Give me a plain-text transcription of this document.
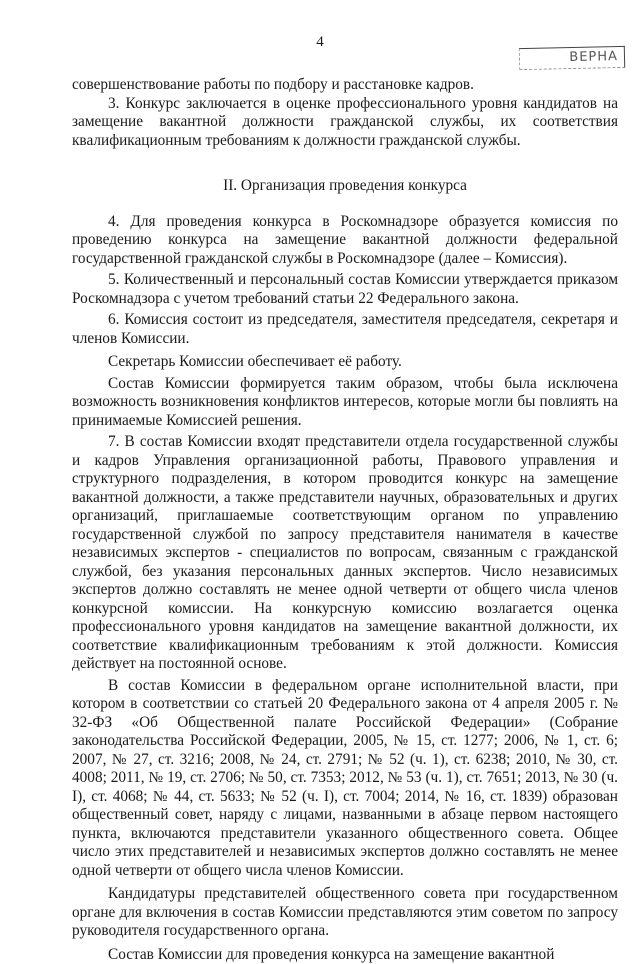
4
ВЕРНА

совершенствование работы по подбору и расстановке кадров.

3. Конкурс заключается в оценке профессионального уровня кандидатов на замещение вакантной должности гражданской службы, их соответствия квалификационным требованиям к должности гражданской службы.

II. Организация проведения конкурса

4. Для проведения конкурса в Роскомнадзоре образуется комиссия по проведению конкурса на замещение вакантной должности федеральной государственной гражданской службы в Роскомнадзоре (далее – Комиссия).

5. Количественный и персональный состав Комиссии утверждается приказом Роскомнадзора с учетом требований статьи 22 Федерального закона.

6. Комиссия состоит из председателя, заместителя председателя, секретаря и членов Комиссии.

Секретарь Комиссии обеспечивает её работу.

Состав Комиссии формируется таким образом, чтобы была исключена возможность возникновения конфликтов интересов, которые могли бы повлиять на принимаемые Комиссией решения.

7. В состав Комиссии входят представители отдела государственной службы и кадров Управления организационной работы, Правового управления и структурного подразделения, в котором проводится конкурс на замещение вакантной должности, а также представители научных, образовательных и других организаций, приглашаемые соответствующим органом по управлению государственной службой по запросу представителя нанимателя в качестве независимых экспертов - специалистов по вопросам, связанным с гражданской службой, без указания персональных данных экспертов. Число независимых экспертов должно составлять не менее одной четверти от общего числа членов конкурсной комиссии. На конкурсную комиссию возлагается оценка профессионального уровня кандидатов на замещение вакантной должности, их соответствие квалификационным требованиям к этой должности. Комиссия действует на постоянной основе.

В состав Комиссии в федеральном органе исполнительной власти, при котором в соответствии со статьей 20 Федерального закона от 4 апреля 2005 г. № 32-ФЗ «Об Общественной палате Российской Федерации» (Собрание законодательства Российской Федерации, 2005, № 15, ст. 1277; 2006, № 1, ст. 6; 2007, № 27, ст. 3216; 2008, № 24, ст. 2791; № 52 (ч. 1), ст. 6238; 2010, № 30, ст. 4008; 2011, № 19, ст. 2706; № 50, ст. 7353; 2012, № 53 (ч. 1), ст. 7651; 2013, № 30 (ч. I), ст. 4068; № 44, ст. 5633; № 52 (ч. I), ст. 7004; 2014, № 16, ст. 1839) образован общественный совет, наряду с лицами, названными в абзаце первом настоящего пункта, включаются представители указанного общественного совета. Общее число этих представителей и независимых экспертов должно составлять не менее одной четверти от общего числа членов Комиссии.

Кандидатуры представителей общественного совета при государственном органе для включения в состав Комиссии представляются этим советом по запросу руководителя государственного органа.

Состав Комиссии для проведения конкурса на замещение вакантной
